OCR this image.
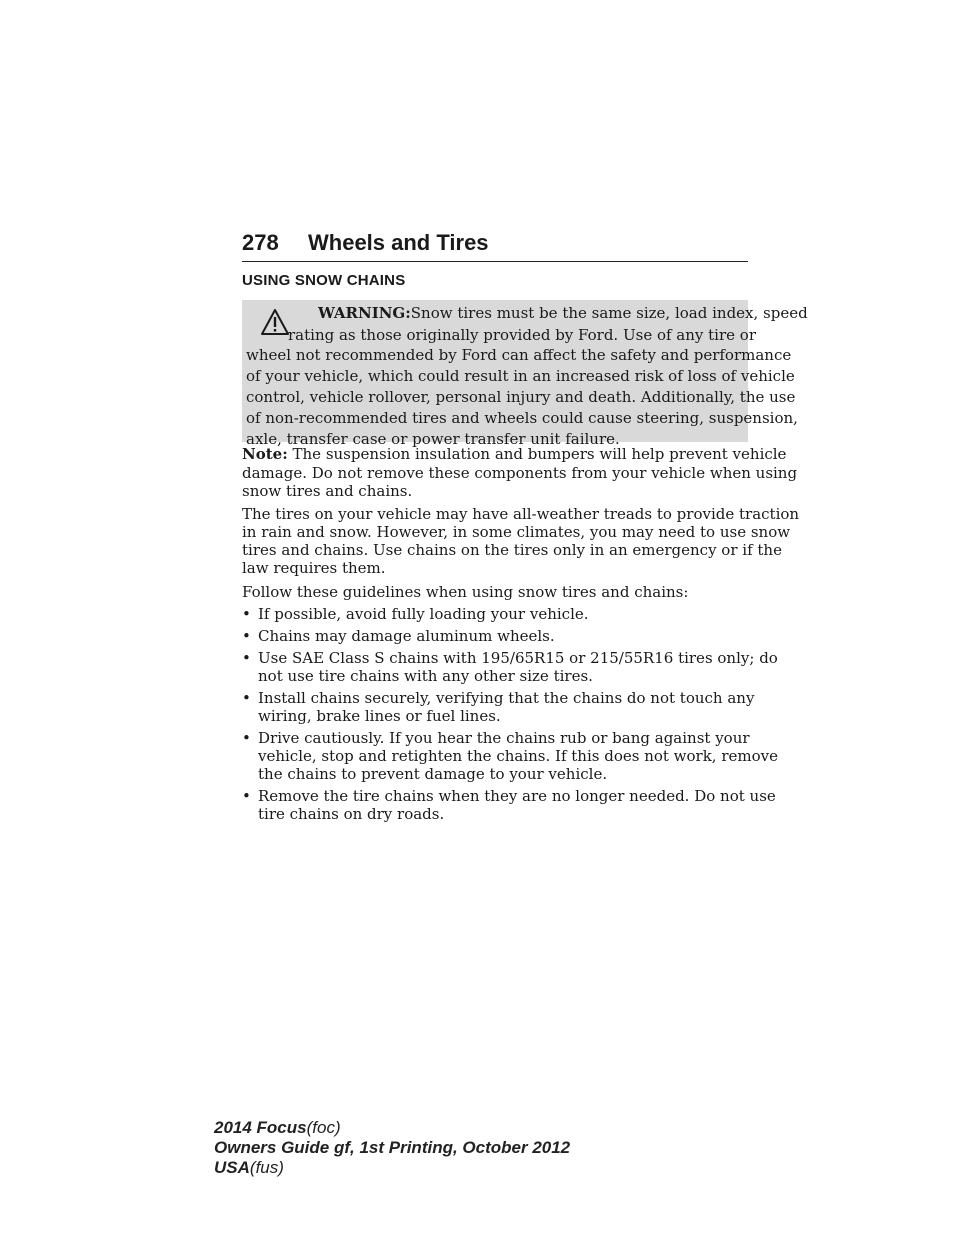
278 Wheels and Tires
USING SNOW CHAINS
WARNING:Snow tires must be the same size, load index, speed
rating as those originally provided by Ford. Use of any tire or
wheel not recommended by Ford can affect the safety and performance
of your vehicle, which could result in an increased risk of loss of vehicle
control, vehicle rollover, personal injury and death. Additionally, the use
of non-recommended tires and wheels could cause steering, suspension,
axle, transfer case or power transfer unit failure.
Note: The suspension insulation and bumpers will help prevent vehicle
damage. Do not remove these components from your vehicle when using
snow tires and chains.
The tires on your vehicle may have all-weather treads to provide traction
in rain and snow. However, in some climates, you may need to use snow
tires and chains. Use chains on the tires only in an emergency or if the
law requires them.
Follow these guidelines when using snow tires and chains:
• If possible, avoid fully loading your vehicle.
• Chains may damage aluminum wheels.
• Use SAE Class S chains with 195/65R15 or 215/55R16 tires only; do
not use tire chains with any other size tires.
• Install chains securely, verifying that the chains do not touch any
wiring, brake lines or fuel lines.
• Drive cautiously. If you hear the chains rub or bang against your
vehicle, stop and retighten the chains. If this does not work, remove
the chains to prevent damage to your vehicle.
• Remove the tire chains when they are no longer needed. Do not use
tire chains on dry roads.
2014 Focus(foc)
Owners Guide gf, 1st Printing, October 2012
USA(fus)
